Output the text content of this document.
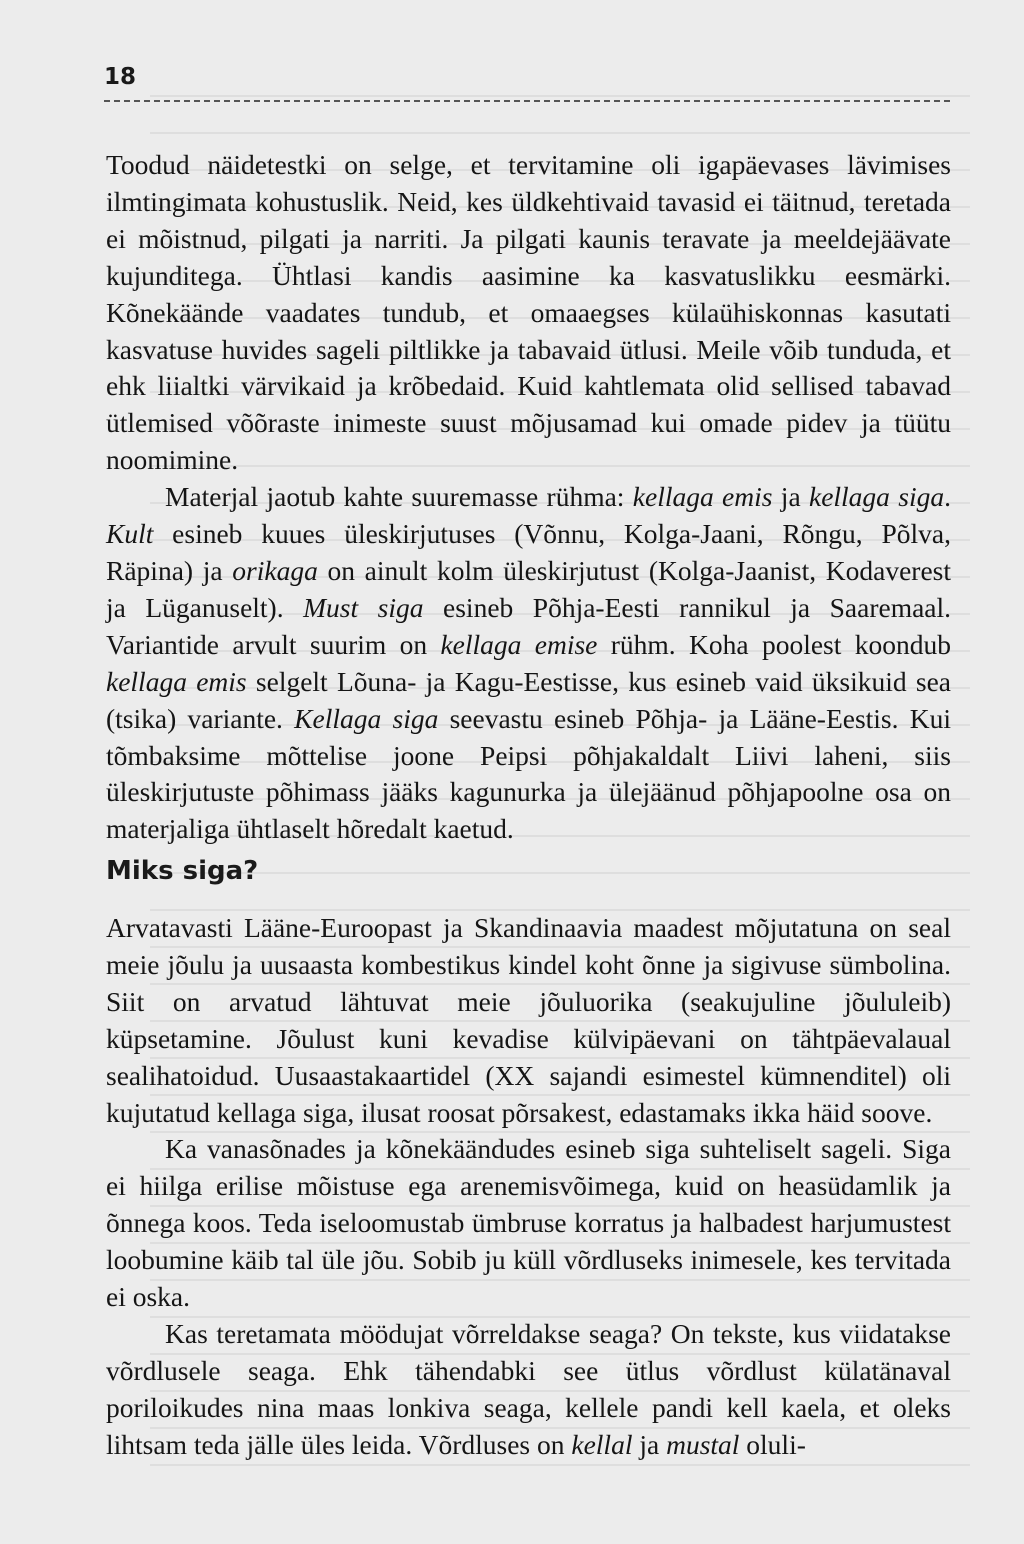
18

Toodud näidetestki on selge, et tervitamine oli igapäevases lävimises ilmtingimata kohustuslik. Neid, kes üldkehtivaid tavasid ei täitnud, teretada ei mõistnud, pilgati ja narriti. Ja pilgati kaunis teravate ja meeldejäävate kujunditega. Ühtlasi kandis aasimine ka kasvatuslikku eesmärki. Kõnekäände vaadates tundub, et omaaegses külaühiskonnas kasutati kasvatuse huvides sageli piltlikke ja tabavaid ütlusi. Meile võib tunduda, et ehk liialtki värvikaid ja krõbedaid. Kuid kahtlemata olid sellised tabavad ütlemised võõraste inimeste suust mõjusamad kui omade pidev ja tüütu noomimine.

Materjal jaotub kahte suuremasse rühma: kellaga emis ja kellaga siga. Kult esineb kuues üleskirjutuses (Võnnu, Kolga-Jaani, Rõngu, Põlva, Räpina) ja orikaga on ainult kolm üleskirjutust (Kolga-Jaanist, Kodaverest ja Lüganuselt). Must siga esineb Põhja-Eesti rannikul ja Saaremaal. Variantide arvult suurim on kellaga emise rühm. Koha poolest koondub kellaga emis selgelt Lõuna- ja Kagu-Eestisse, kus esineb vaid üksikuid sea (tsika) variante. Kellaga siga seevastu esineb Põhja- ja Lääne-Eestis. Kui tõmbaksime mõttelise joone Peipsi põhjakaldalt Liivi laheni, siis üleskirjutuste põhimass jääks kagunurka ja ülejäänud põhjapoolne osa on materjaliga ühtlaselt hõredalt kaetud.

Miks siga?

Arvatavasti Lääne-Euroopast ja Skandinaavia maadest mõjutatuna on seal meie jõulu ja uusaasta kombestikus kindel koht õnne ja sigivuse sümbolina. Siit on arvatud lähtuvat meie jõuluorika (seakujuline jõululeib) küpsetamine. Jõulust kuni kevadise külvipäevani on tähtpäevalaual sealihatoidud. Uusaastakaartidel (XX sajandi esimestel kümnenditel) oli kujutatud kellaga siga, ilusat roosat põrsakest, edastamaks ikka häid soove.

Ka vanasõnades ja kõnekäändudes esineb siga suhteliselt sageli. Siga ei hiilga erilise mõistuse ega arenemisvõimega, kuid on heasüdamlik ja õnnega koos. Teda iseloomustab ümbruse korratus ja halbadest harjumustest loobumine käib tal üle jõu. Sobib ju küll võrdluseks inimesele, kes tervitada ei oska.

Kas teretamata möödujat võrreldakse seaga? On tekste, kus viidatakse võrdlusele seaga. Ehk tähendabki see ütlus võrdlust külatänaval poriloikudes nina maas lonkiva seaga, kellele pandi kell kaela, et oleks lihtsam teda jälle üles leida. Võrdluses on kellal ja mustal oluli-
